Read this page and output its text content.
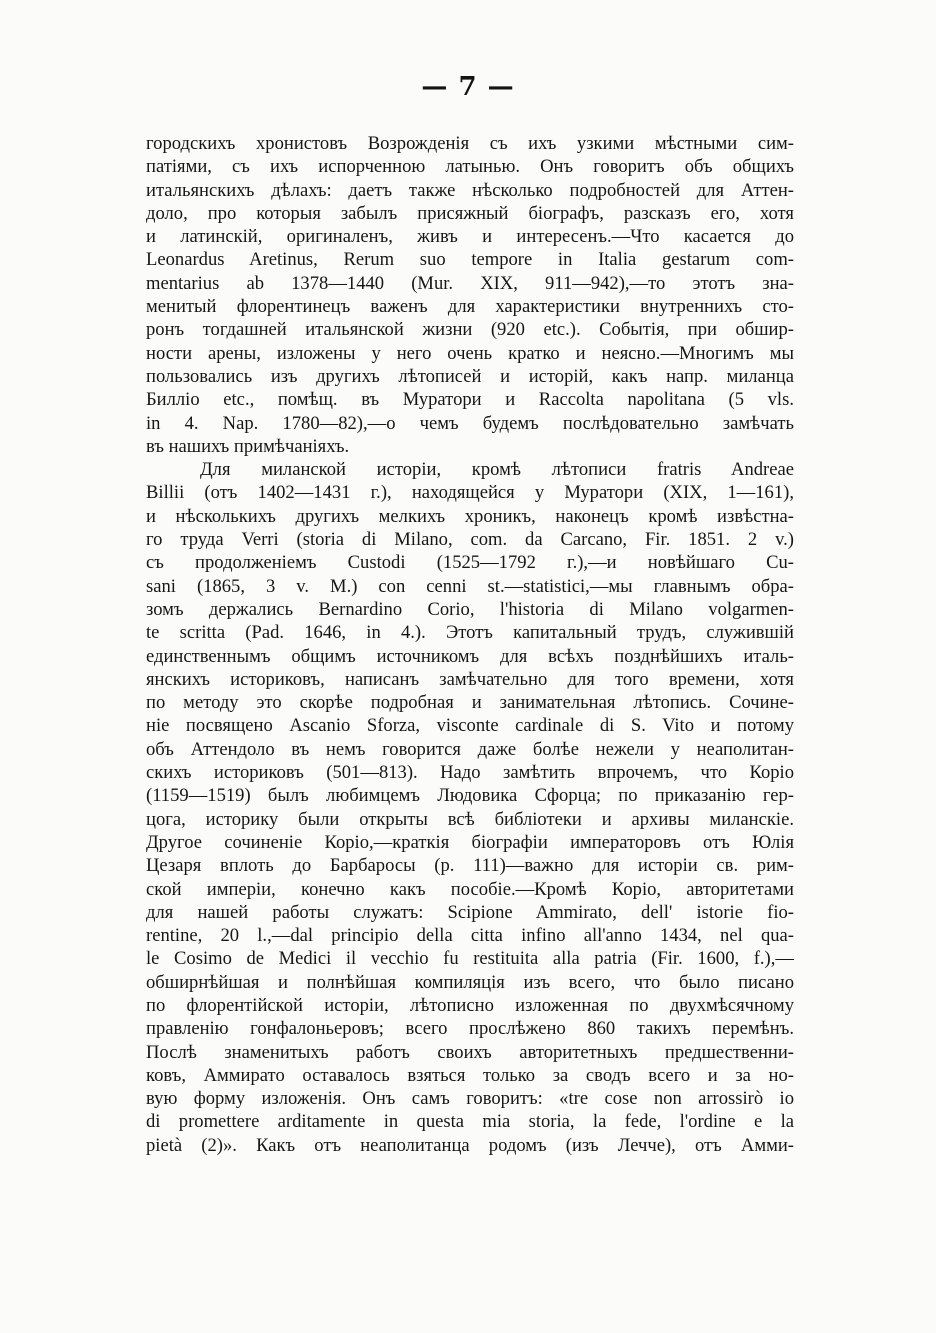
— 7 —
городскихъ хронистовъ Возрожденія съ ихъ узкими мѣстными сим-
патіями, съ ихъ испорченною латынью. Онъ говоритъ объ общихъ
итальянскихъ дѣлахъ: даетъ также нѣсколько подробностей для Аттен-
доло, про которыя забылъ присяжный біографъ, разсказъ его, хотя
и латинскій, оригиналенъ, живъ и интересенъ.—Что касается до
Leonardus Aretinus, Rerum suo tempore in Italia gestarum com-
mentarius ab 1378—1440 (Mur. XIX, 911—942),—то этотъ зна-
менитый флорентинецъ важенъ для характеристики внутреннихъ сто-
ронъ тогдашней итальянской жизни (920 etc.). Событія, при обшир-
ности арены, изложены у него очень кратко и неясно.—Многимъ мы
пользовались изъ другихъ лѣтописей и исторій, какъ напр. миланца
Билліо etc., помѣщ. въ Муратори и Raccolta napolitana (5 vls.
in 4. Nap. 1780—82),—о чемъ будемъ послѣдовательно замѣчать
въ нашихъ примѣчаніяхъ.
Для миланской исторіи, кромѣ лѣтописи fratris Andreae
Billii (отъ 1402—1431 г.), находящейся у Муратори (XIX, 1—161),
и нѣсколькихъ другихъ мелкихъ хроникъ, наконецъ кромѣ извѣстна-
го труда Verri (storia di Milano, com. da Carcano, Fir. 1851. 2 v.)
съ продолженіемъ Custodi (1525—1792 г.),—и новѣйшаго Cu-
sani (1865, 3 v. M.) con cenni st.—statistici,—мы главнымъ обра-
зомъ держались Bernardino Corio, l'historia di Milano volgarmen-
te scritta (Pad. 1646, in 4.). Этотъ капитальный трудъ, служившій
единственнымъ общимъ источникомъ для всѣхъ позднѣйшихъ италь-
янскихъ историковъ, написанъ замѣчательно для того времени, хотя
по методу это скорѣе подробная и занимательная лѣтопись. Сочине-
ніе посвящено Ascanio Sforza, visconte cardinale di S. Vito и потому
объ Аттендоло въ немъ говорится даже болѣе нежели у неаполитан-
скихъ историковъ (501—813). Надо замѣтить впрочемъ, что Коріо
(1159—1519) былъ любимцемъ Людовика Сфорца; по приказанію гер-
цога, историку были открыты всѣ библіотеки и архивы миланскіе.
Другое сочиненіе Коріо,—краткія біографіи императоровъ отъ Юлія
Цезаря вплоть до Барбаросы (р. 111)—важно для исторіи св. рим-
ской имперіи, конечно какъ пособіе.—Кромѣ Коріо, авторитетами
для нашей работы служатъ: Scipione Ammirato, dell' istorie fio-
rentine, 20 l.,—dal principio della citta infino all'anno 1434, nel qua-
le Cosimo de Medici il vecchio fu restituita alla patria (Fir. 1600, f.),—
обширнѣйшая и полнѣйшая компиляція изъ всего, что было писано
по флорентійской исторіи, лѣтописно изложенная по двухмѣсячному
правленію гонфалоньеровъ; всего прослѣжено 860 такихъ перемѣнъ.
Послѣ знаменитыхъ работъ своихъ авторитетныхъ предшественни-
ковъ, Аммирато оставалось взяться только за сводъ всего и за но-
вую форму изложенія. Онъ самъ говоритъ: «tre cose non arrossirò io
di promettere arditamente in questa mia storia, la fede, l'ordine e la
pietà (2)». Какъ отъ неаполитанца родомъ (изъ Лечче), отъ Амми-
